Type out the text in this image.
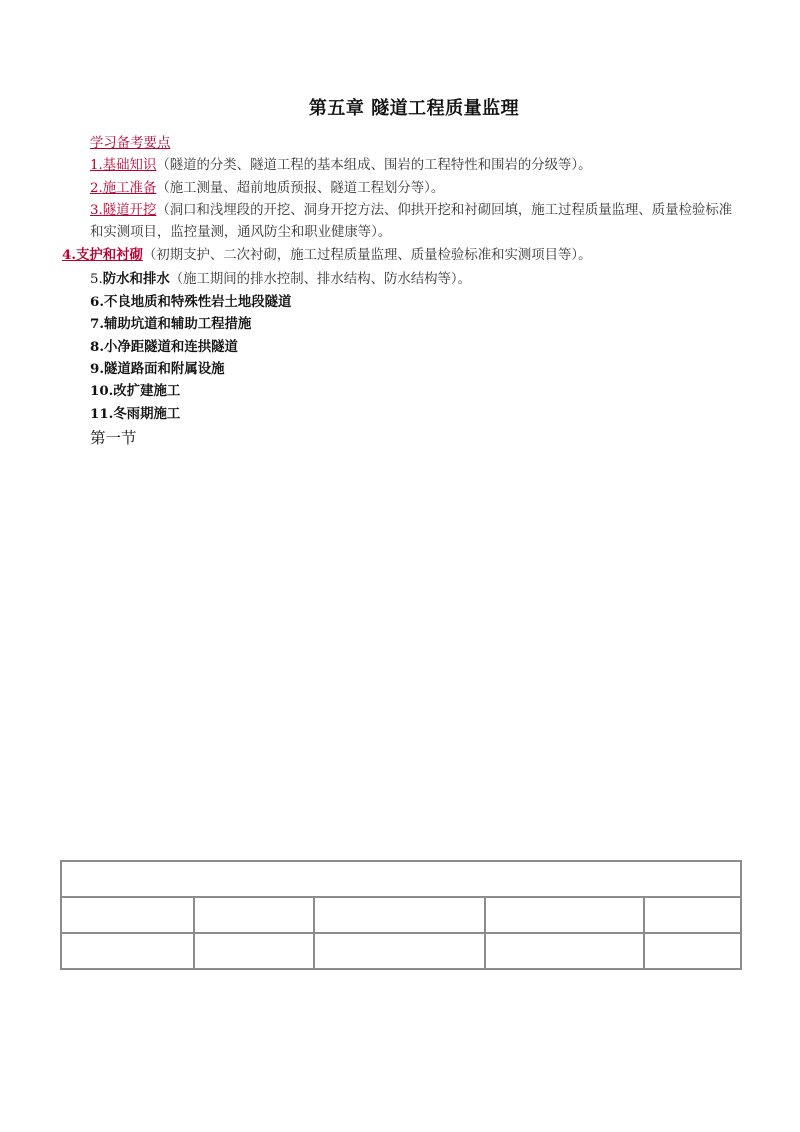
第五章 隧道工程质量监理

学习备考要点

1.基础知识（隧道的分类、隧道工程的基本组成、围岩的工程特性和围岩的分级等）。

2.施工准备（施工测量、超前地质预报、隧道工程划分等）。

3.隧道开挖（洞口和浅埋段的开挖、洞身开挖方法、仰拱开挖和衬砌回填，施工过程质量监理、质量检验标准和实测项目，监控量测，通风防尘和职业健康等）。

4.支护和衬砌（初期支护、二次衬砌，施工过程质量监理、质量检验标准和实测项目等）。

5.防水和排水（施工期间的排水控制、排水结构、防水结构等）。

6.不良地质和特殊性岩土地段隧道

7.辅助坑道和辅助工程措施

8.小净距隧道和连拱隧道

9.隧道路面和附属设施

10.改扩建施工

11.冬雨期施工

第一节
